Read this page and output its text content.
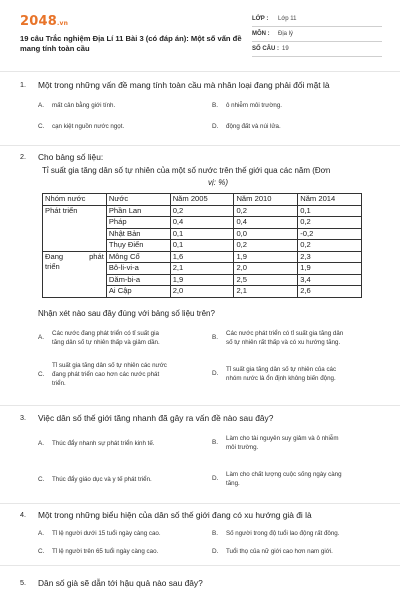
2048.vn
19 câu Trắc nghiệm Địa Lí 11 Bài 3 (có đáp án): Một số vấn đề mang tính toàn cầu
LỚP :	Lớp 11
MÔN :	Địa lý
SỐ CÂU : 19
1. Một trong những vấn đề mang tính toàn cầu mà nhân loại đang phải đối mặt là
A. mất cân bằng giới tính.	B. ô nhiễm môi trường.
C. cạn kiệt nguồn nước ngọt.	D. động đất và núi lửa.
2. Cho bảng số liệu:
Tỉ suất gia tăng dân số tự nhiên của một số nước trên thế giới qua các năm (Đơn
vị: %)
Nhóm nước	Nước	Năm 2005	Năm 2010	Năm 2014
Phát triển	Phần Lan	0,2	0,2	0,1
	Pháp	0,4	0,4	0,2
	Nhật Bản	0,1	0,0	-0,2
	Thụy Điển	0,1	0,2	0,2
Đang phát

triển	Mông Cổ	1,6	1,9	2,3
	Bô-li-vi-a	2,1	2,0	1,9
	Dăm-bi-a	1,9	2,5	3,4
	Ai Cập	2,0	2,1	2,6
Nhận xét nào sau đây đúng với bảng số liệu trên?
A.
Các nước đang phát triển có tỉ suất gia
tăng dân số tự nhiên thấp và giảm dần.
B.
Các nước phát triển có tỉ suất gia tăng dân
số tự nhiên rất thấp và có xu hướng tăng.
C.
Tỉ suất gia tăng dân số tự nhiên các nước
đang phát triển cao hơn các nước phát
triển.
D.
Tỉ suất gia tăng dân số tự nhiên của các
nhóm nước là ổn định không biến động.
3. Việc dân số thế giới tăng nhanh đã gây ra vấn đề nào sau đây?
A. Thúc đẩy nhanh sự phát triển kinh tế.	B.
Làm cho tài nguyên suy giảm và ô nhiễm
môi trường.
C. Thúc đẩy giáo dục và y tế phát triển.	D.
Làm cho chất lượng cuộc sống ngày càng
tăng.
4. Một trong những biểu hiện của dân số thế giới đang có xu hướng già đi là
A. Tỉ lệ người dưới 15 tuổi ngày càng cao.	B. Số người trong độ tuổi lao động rất đông.
C. Tỉ lệ người trên 65 tuổi ngày càng cao.	D. Tuổi thọ của nữ giới cao hơn nam giới.
5. Dân số già sẽ dẫn tới hậu quả nào sau đây?
